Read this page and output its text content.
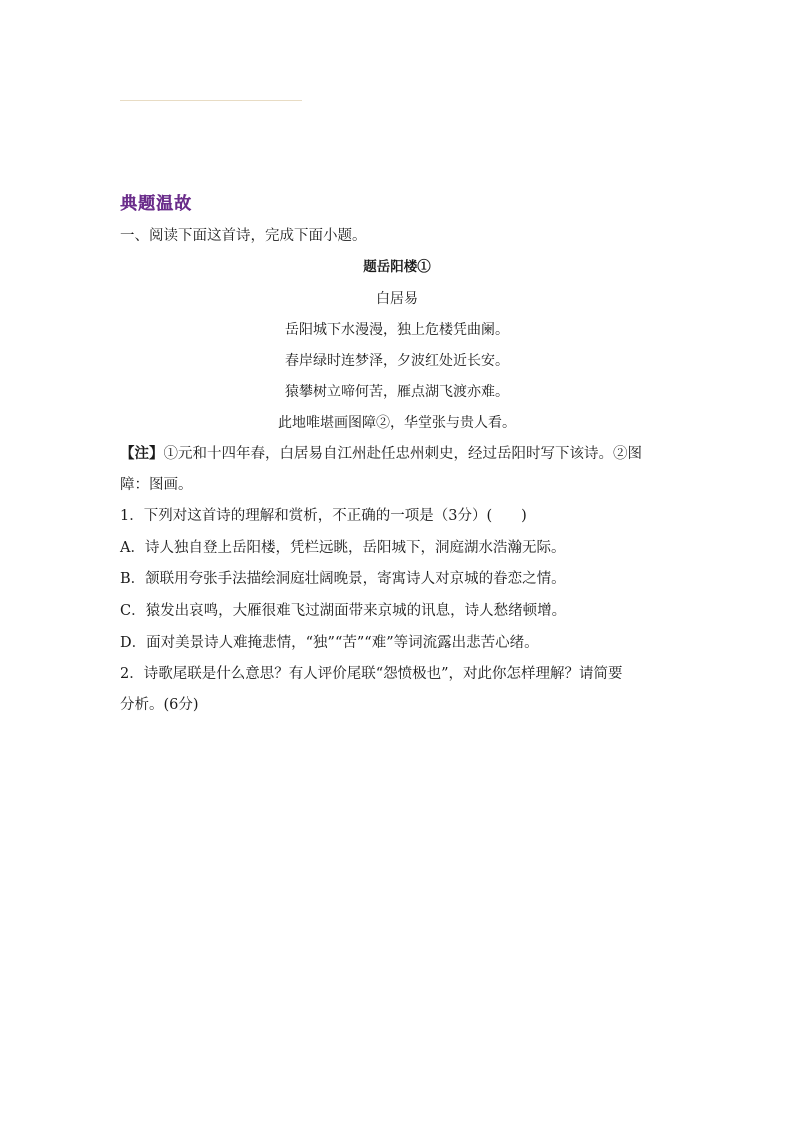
典题温故
一、阅读下面这首诗，完成下面小题。
题岳阳楼①
白居易
岳阳城下水漫漫，独上危楼凭曲阑。
春岸绿时连梦泽，夕波红处近长安。
猿攀树立啼何苦，雁点湖飞渡亦难。
此地唯堪画图障②，华堂张与贵人看。
【注】①元和十四年春，白居易自江州赴任忠州刺史，经过岳阳时写下该诗。②图
障：图画。
1．下列对这首诗的理解和赏析，不正确的一项是（3分）(　　)
A．诗人独自登上岳阳楼，凭栏远眺，岳阳城下，洞庭湖水浩瀚无际。
B．颔联用夸张手法描绘洞庭壮阔晚景，寄寓诗人对京城的眷恋之情。
C．猿发出哀鸣，大雁很难飞过湖面带来京城的讯息，诗人愁绪顿增。
D．面对美景诗人难掩悲情，“独”“苦”“难”等词流露出悲苦心绪。
2．诗歌尾联是什么意思？有人评价尾联“怨愤极也”，对此你怎样理解？请简要
分析。(6分)
